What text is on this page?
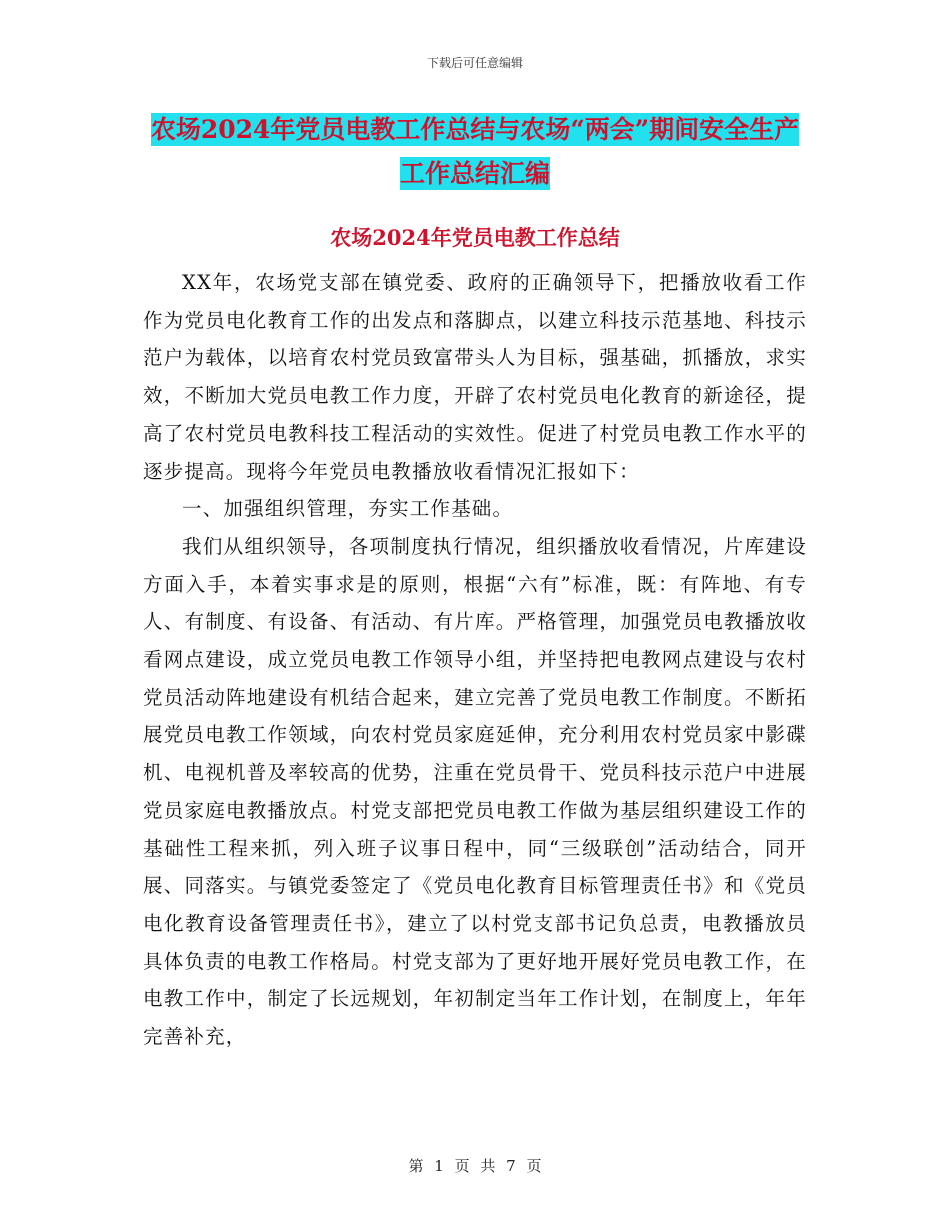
下载后可任意编辑
农场2024年党员电教工作总结与农场“两会”期间安全生产工作总结汇编
农场2024年党员电教工作总结

XX年，农场党支部在镇党委、政府的正确领导下，把播放收看工作作为党员电化教育工作的出发点和落脚点，以建立科技示范基地、科技示范户为载体，以培育农村党员致富带头人为目标，强基础，抓播放，求实效，不断加大党员电教工作力度，开辟了农村党员电化教育的新途径，提高了农村党员电教科技工程活动的实效性。促进了村党员电教工作水平的逐步提高。现将今年党员电教播放收看情况汇报如下：

一、加强组织管理，夯实工作基础。

我们从组织领导，各项制度执行情况，组织播放收看情况，片库建设方面入手，本着实事求是的原则，根据“六有”标准，既：有阵地、有专人、有制度、有设备、有活动、有片库。严格管理，加强党员电教播放收看网点建设，成立党员电教工作领导小组，并坚持把电教网点建设与农村党员活动阵地建设有机结合起来，建立完善了党员电教工作制度。不断拓展党员电教工作领域，向农村党员家庭延伸，充分利用农村党员家中影碟机、电视机普及率较高的优势，注重在党员骨干、党员科技示范户中进展党员家庭电教播放点。村党支部把党员电教工作做为基层组织建设工作的基础性工程来抓，列入班子议事日程中，同“三级联创”活动结合，同开展、同落实。与镇党委签定了《党员电化教育目标管理责任书》和《党员电化教育设备管理责任书》，建立了以村党支部书记负总责，电教播放员具体负责的电教工作格局。村党支部为了更好地开展好党员电教工作，在电教工作中，制定了长远规划，年初制定当年工作计划，在制度上，年年完善补充，

第 1 页 共 7 页
